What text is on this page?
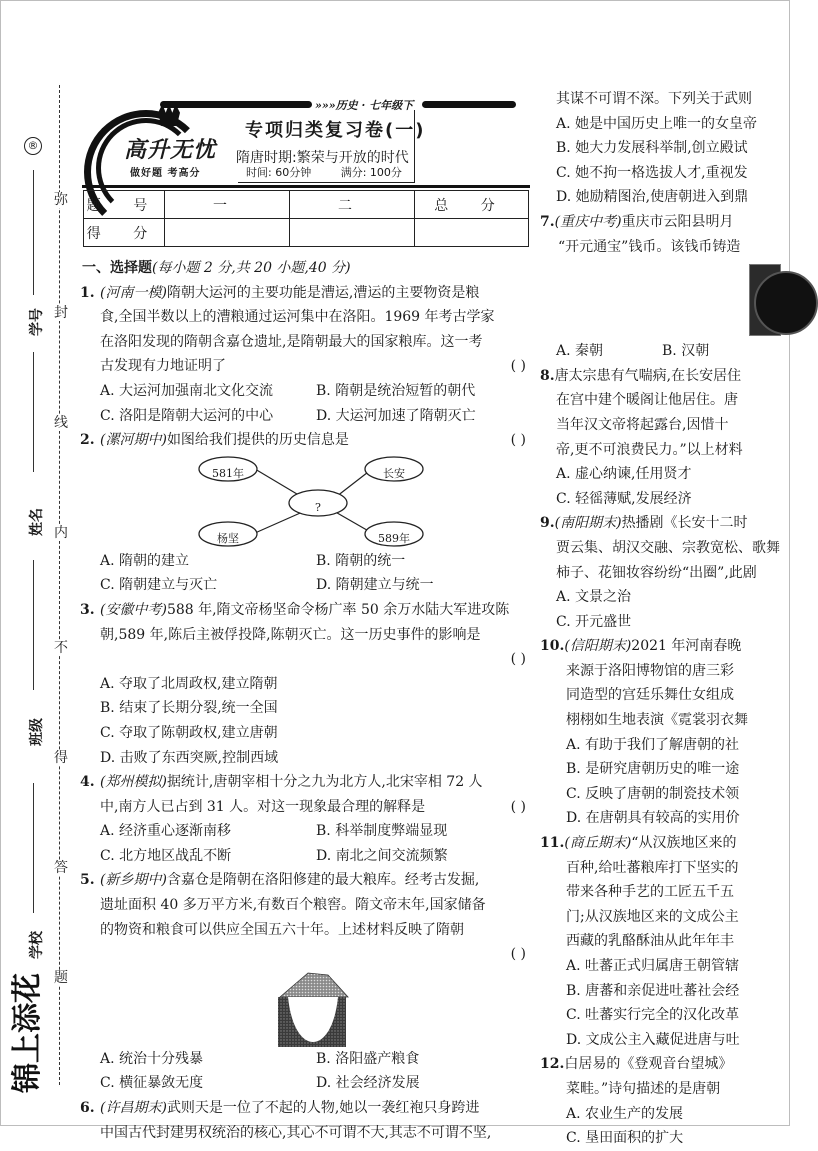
®
弥
封
线
内
不
得
答
题
学号
姓名
班级
学校
锦上添花
»»»历史 · 七年级下
高升无忧
做好题 考高分
专项归类复习卷(一)
隋唐时期:繁荣与开放的时代
时间: 60分钟	满分: 100分
题 号	一	二	总 分
得 分			
一、选择题(每小题 2 分,共 20 小题,40 分)
1. (河南一模)隋朝大运河的主要功能是漕运,漕运的主要物资是粮
食,全国半数以上的漕粮通过运河集中在洛阳。1969 年考古学家
在洛阳发现的隋朝含嘉仓遗址,是隋朝最大的国家粮库。这一考
古发现有力地证明了	( )
A. 大运河加强南北文化交流	B. 隋朝是统治短暂的朝代
C. 洛阳是隋朝大运河的中心	D. 大运河加速了隋朝灭亡
2. (漯河期中)如图给我们提供的历史信息是	( )
581年	长安
?
杨坚	589年
A. 隋朝的建立	B. 隋朝的统一
C. 隋朝建立与灭亡	D. 隋朝建立与统一
3. (安徽中考)588 年,隋文帝杨坚命令杨广率 50 余万水陆大军进攻陈
朝,589 年,陈后主被俘投降,陈朝灭亡。这一历史事件的影响是
( )
A. 夺取了北周政权,建立隋朝
B. 结束了长期分裂,统一全国
C. 夺取了陈朝政权,建立唐朝
D. 击败了东西突厥,控制西域
4. (郑州模拟)据统计,唐朝宰相十分之九为北方人,北宋宰相 72 人
中,南方人已占到 31 人。对这一现象最合理的解释是	( )
A. 经济重心逐渐南移	B. 科举制度弊端显现
C. 北方地区战乱不断	D. 南北之间交流频繁
5. (新乡期中)含嘉仓是隋朝在洛阳修建的最大粮库。经考古发掘,
遗址面积 40 多万平方米,有数百个粮窖。隋文帝末年,国家储备
的物资和粮食可以供应全国五六十年。上述材料反映了隋朝
( )
A. 统治十分残暴	B. 洛阳盛产粮食
C. 横征暴敛无度	D. 社会经济发展
6. (许昌期末)武则天是一位了不起的人物,她以一袭红袍只身跨进
中国古代封建男权统治的核心,其心不可谓不大,其志不可谓不坚,
其谋不可谓不深。下列关于武则
A. 她是中国历史上唯一的女皇帝
B. 她大力发展科举制,创立殿试
C. 她不拘一格选拔人才,重视发
D. 她励精图治,使唐朝进入到鼎
7.(重庆中考)重庆市云阳县明月
“开元通宝”钱币。该钱币铸造
A. 秦朝	B. 汉朝
8.唐太宗患有气喘病,在长安居住
在宫中建个暖阁让他居住。唐
当年汉文帝将起露台,因惜十
帝,更不可浪费民力。”以上材料
A. 虚心纳谏,任用贤才
C. 轻徭薄赋,发展经济
9.(南阳期末)热播剧《长安十二时
贾云集、胡汉交融、宗教宽松、歌舞
柿子、花钿妆容纷纷“出圈”,此剧
A. 文景之治
C. 开元盛世
10.(信阳期末)2021 年河南春晚
来源于洛阳博物馆的唐三彩
同造型的宫廷乐舞仕女组成
栩栩如生地表演《霓裳羽衣舞
A. 有助于我们了解唐朝的社
B. 是研究唐朝历史的唯一途
C. 反映了唐朝的制瓷技术领
D. 在唐朝具有较高的实用价
11.(商丘期末)“从汉族地区来的
百种,给吐蕃粮库打下坚实的
带来各种手艺的工匠五千五
门;从汉族地区来的文成公主
西藏的乳酪酥油从此年年丰
A. 吐蕃正式归属唐王朝管辖
B. 唐蕃和亲促进吐蕃社会经
C. 吐蕃实行完全的汉化改革
D. 文成公主入藏促进唐与吐
12.白居易的《登观音台望城》
菜畦。”诗句描述的是唐朝
A. 农业生产的发展
C. 垦田面积的扩大
